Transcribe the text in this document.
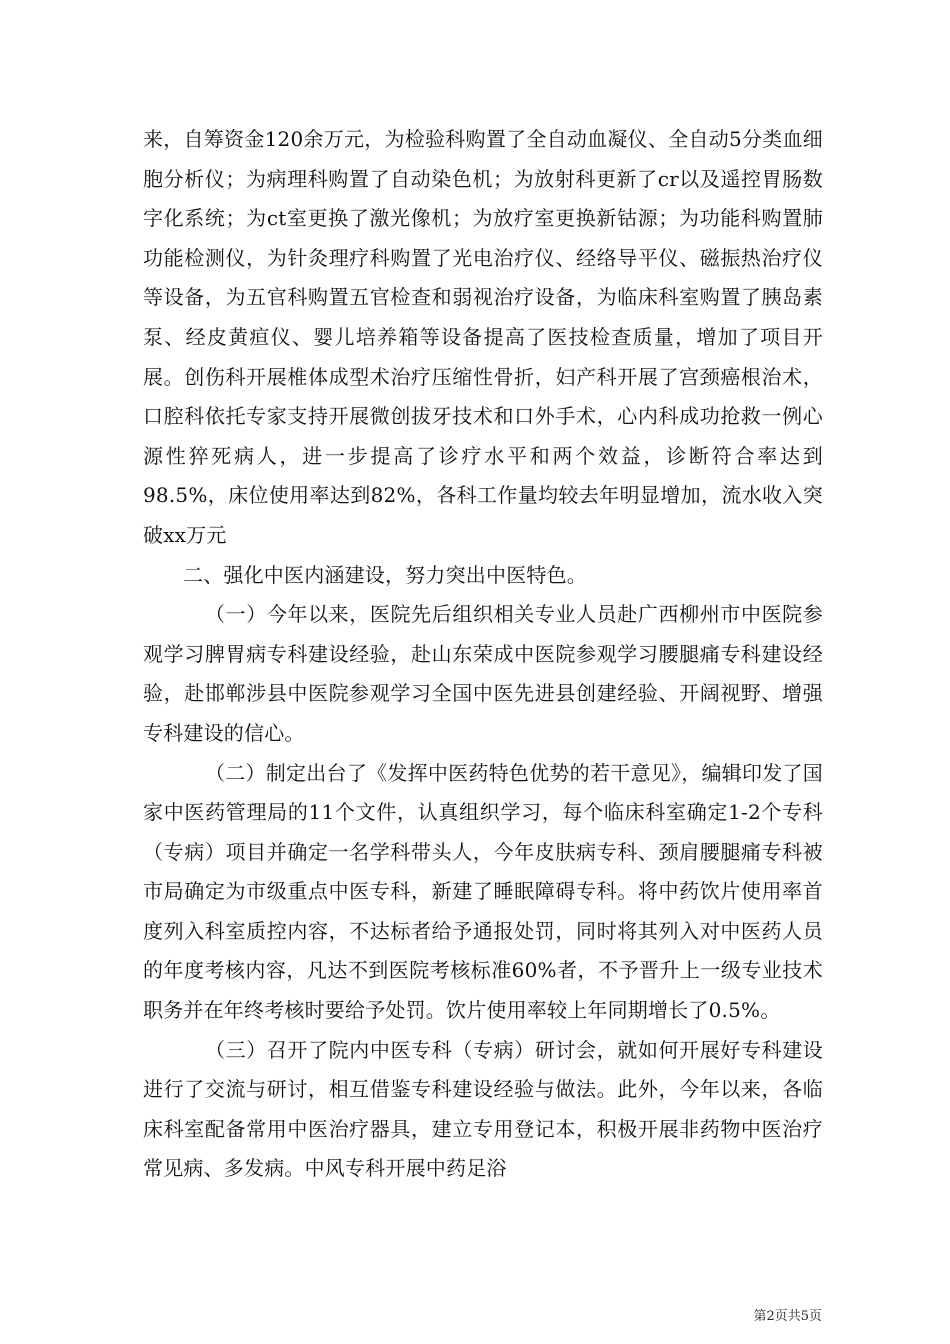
来，自筹资金120余万元，为检验科购置了全自动血凝仪、全自动5分类血细胞分析仪；为病理科购置了自动染色机；为放射科更新了cr以及遥控胃肠数字化系统；为ct室更换了激光像机；为放疗室更换新钴源；为功能科购置肺功能检测仪，为针灸理疗科购置了光电治疗仪、经络导平仪、磁振热治疗仪等设备，为五官科购置五官检查和弱视治疗设备，为临床科室购置了胰岛素泵、经皮黄疸仪、婴儿培养箱等设备提高了医技检查质量，增加了项目开展。创伤科开展椎体成型术治疗压缩性骨折，妇产科开展了宫颈癌根治术，口腔科依托专家支持开展微创拔牙技术和口外手术，心内科成功抢救一例心源性猝死病人，进一步提高了诊疗水平和两个效益，诊断符合率达到98.5%，床位使用率达到82%，各科工作量均较去年明显增加，流水收入突破xx万元

二、强化中医内涵建设，努力突出中医特色。

（一）今年以来，医院先后组织相关专业人员赴广西柳州市中医院参观学习脾胃病专科建设经验，赴山东荣成中医院参观学习腰腿痛专科建设经验，赴邯郸涉县中医院参观学习全国中医先进县创建经验、开阔视野、增强专科建设的信心。

（二）制定出台了《发挥中医药特色优势的若干意见》，编辑印发了国家中医药管理局的11个文件，认真组织学习，每个临床科室确定1-2个专科（专病）项目并确定一名学科带头人，今年皮肤病专科、颈肩腰腿痛专科被市局确定为市级重点中医专科，新建了睡眠障碍专科。将中药饮片使用率首度列入科室质控内容，不达标者给予通报处罚，同时将其列入对中医药人员的年度考核内容，凡达不到医院考核标准60%者，不予晋升上一级专业技术职务并在年终考核时要给予处罚。饮片使用率较上年同期增长了0.5%。

（三）召开了院内中医专科（专病）研讨会，就如何开展好专科建设进行了交流与研讨，相互借鉴专科建设经验与做法。此外，今年以来，各临床科室配备常用中医治疗器具，建立专用登记本，积极开展非药物中医治疗常见病、多发病。中风专科开展中药足浴

第2页共5页
